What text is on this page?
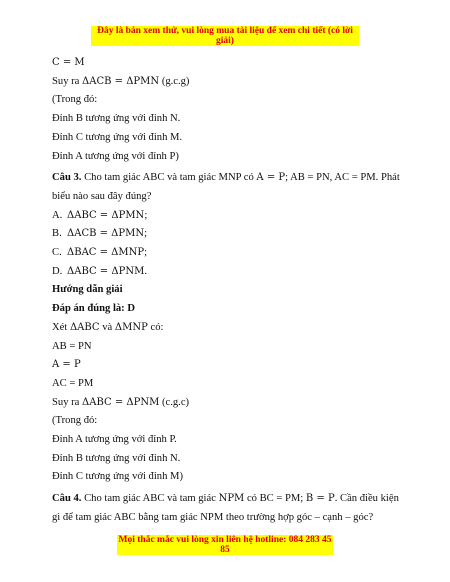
Đây là bản xem thử, vui lòng mua tài liệu để xem chi tiết (có lời giải)
C = M
Suy ra ΔACB = ΔPMN (g.c.g)
(Trong đó:
Đỉnh B tương ứng với đỉnh N.
Đỉnh C tương ứng với đỉnh M.
Đỉnh A tương ứng với đỉnh P)
Câu 3. Cho tam giác ABC và tam giác MNP có A = P; AB = PN, AC = PM. Phát biểu nào sau đây đúng?
A. ΔABC = ΔPMN;
B. ΔACB = ΔPMN;
C. ΔBAC = ΔMNP;
D. ΔABC = ΔPNM.
Hướng dẫn giải
Đáp án đúng là: D
Xét ΔABC và ΔMNP có:
AB = PN
A = P
AC = PM
Suy ra ΔABC = ΔPNM (c.g.c)
(Trong đó:
Đỉnh A tương ứng với đỉnh P.
Đỉnh B tương ứng với đỉnh N.
Đỉnh C tương ứng với đỉnh M)
Câu 4. Cho tam giác ABC và tam giác NPM có BC = PM; B = P. Cần điều kiện gì để tam giác ABC bằng tam giác NPM theo trường hợp góc – cạnh – góc?
Mọi thắc mắc vui lòng xin liên hệ hotline: 084 283 45 85
